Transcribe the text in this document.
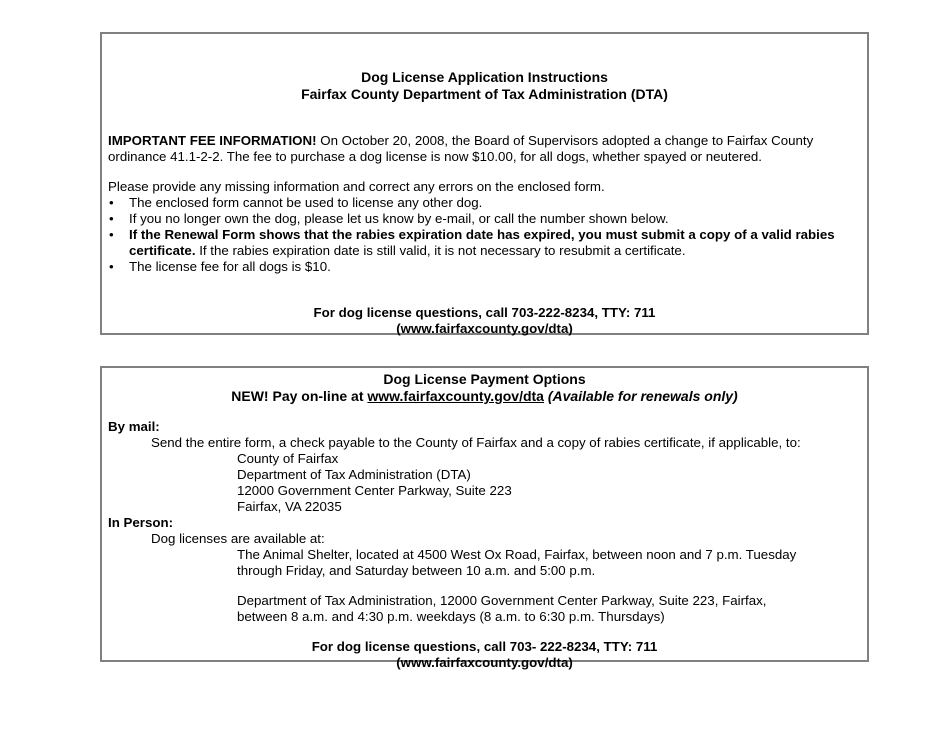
Dog License Application Instructions
Fairfax County Department of Tax Administration (DTA)

IMPORTANT FEE INFORMATION! On October 20, 2008, the Board of Supervisors adopted a change to Fairfax County

ordinance 41.1-2-2. The fee to purchase a dog license is now $10.00, for all dogs, whether spayed or neutered.

Please provide any missing information and correct any errors on the enclosed form.

• The enclosed form cannot be used to license any other dog.
• If you no longer own the dog, please let us know by e-mail, or call the number shown below.
• If the Renewal Form shows that the rabies expiration date has expired, you must submit a copy of a valid rabies
certificate. If the rabies expiration date is still valid, it is not necessary to resubmit a certificate.
• The license fee for all dogs is $10.
For dog license questions, call 703-222-8234, TTY: 711
(www.fairfaxcounty.gov/dta)
Dog License Payment Options
NEW! Pay on-line at www.fairfaxcounty.gov/dta (Available for renewals only)

By mail:

Send the entire form, a check payable to the County of Fairfax and a copy of rabies certificate, if applicable, to:

County of Fairfax

Department of Tax Administration (DTA)

12000 Government Center Parkway, Suite 223

Fairfax, VA 22035

In Person:

Dog licenses are available at:

The Animal Shelter, located at 4500 West Ox Road, Fairfax, between noon and 7 p.m. Tuesday

through Friday, and Saturday between 10 a.m. and 5:00 p.m.

Department of Tax Administration, 12000 Government Center Parkway, Suite 223, Fairfax,

between 8 a.m. and 4:30 p.m. weekdays (8 a.m. to 6:30 p.m. Thursdays)

For dog license questions, call 703- 222-8234, TTY: 711
(www.fairfaxcounty.gov/dta)
